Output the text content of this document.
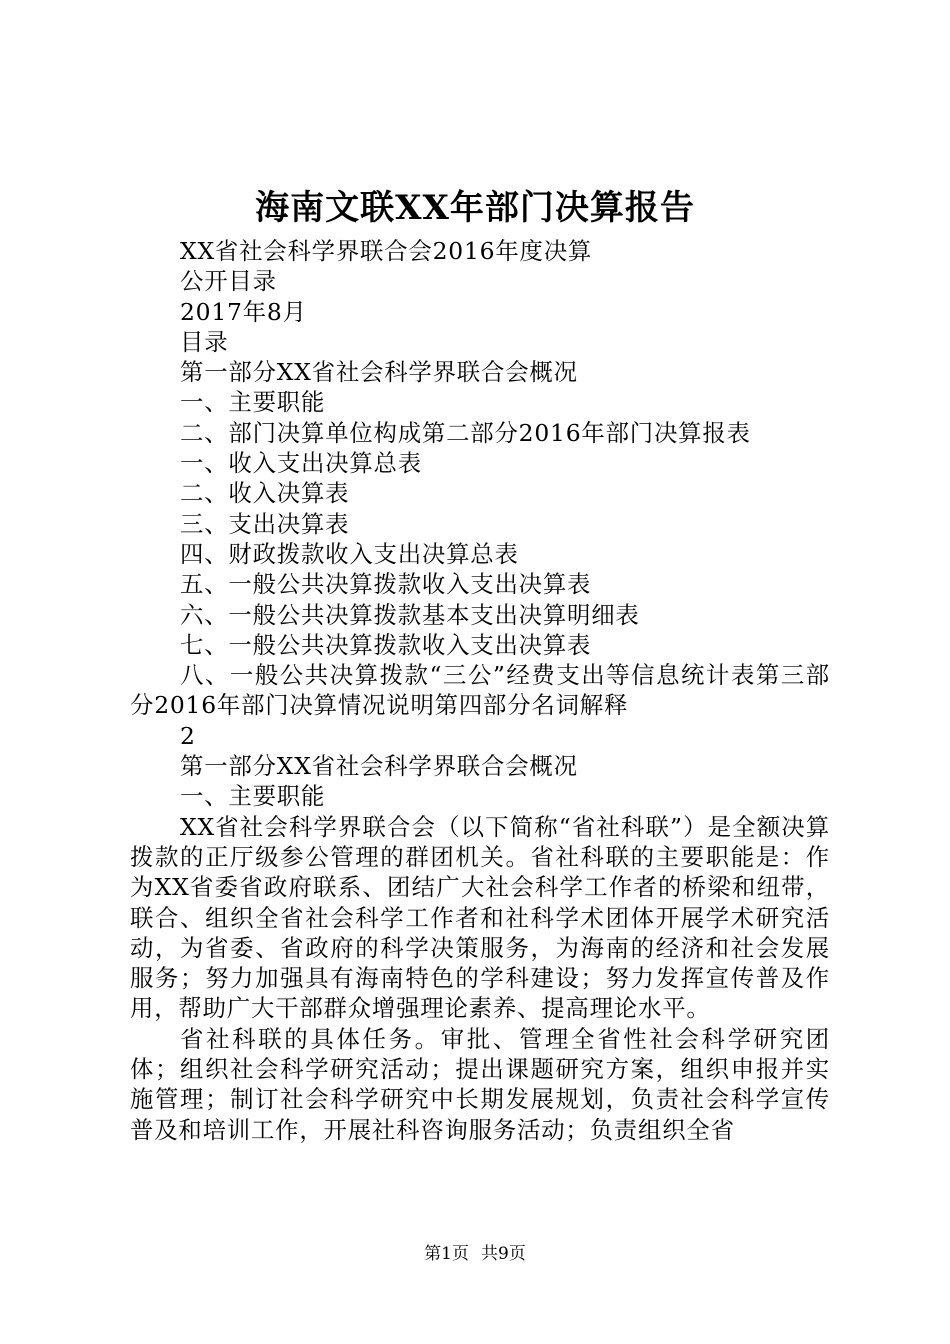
海南文联XX年部门决算报告
XX省社会科学界联合会2016年度决算
公开目录
2017年8月
目录
第一部分XX省社会科学界联合会概况
一、主要职能
二、部门决算单位构成第二部分2016年部门决算报表
一、收入支出决算总表
二、收入决算表
三、支出决算表
四、财政拨款收入支出决算总表
五、一般公共决算拨款收入支出决算表
六、一般公共决算拨款基本支出决算明细表
七、一般公共决算拨款收入支出决算表
八、一般公共决算拨款“三公”经费支出等信息统计表第三部分2016年部门决算情况说明第四部分名词解释
2
第一部分XX省社会科学界联合会概况
一、主要职能
XX省社会科学界联合会（以下简称“省社科联”）是全额决算拨款的正厅级参公管理的群团机关。省社科联的主要职能是：作为XX省委省政府联系、团结广大社会科学工作者的桥梁和纽带，联合、组织全省社会科学工作者和社科学术团体开展学术研究活动，为省委、省政府的科学决策服务，为海南的经济和社会发展服务；努力加强具有海南特色的学科建设；努力发挥宣传普及作用，帮助广大干部群众增强理论素养、提高理论水平。
省社科联的具体任务。审批、管理全省性社会科学研究团体；组织社会科学研究活动；提出课题研究方案，组织申报并实施管理；制订社会科学研究中长期发展规划，负责社会科学宣传普及和培训工作，开展社科咨询服务活动；负责组织全省
第1页 共9页
